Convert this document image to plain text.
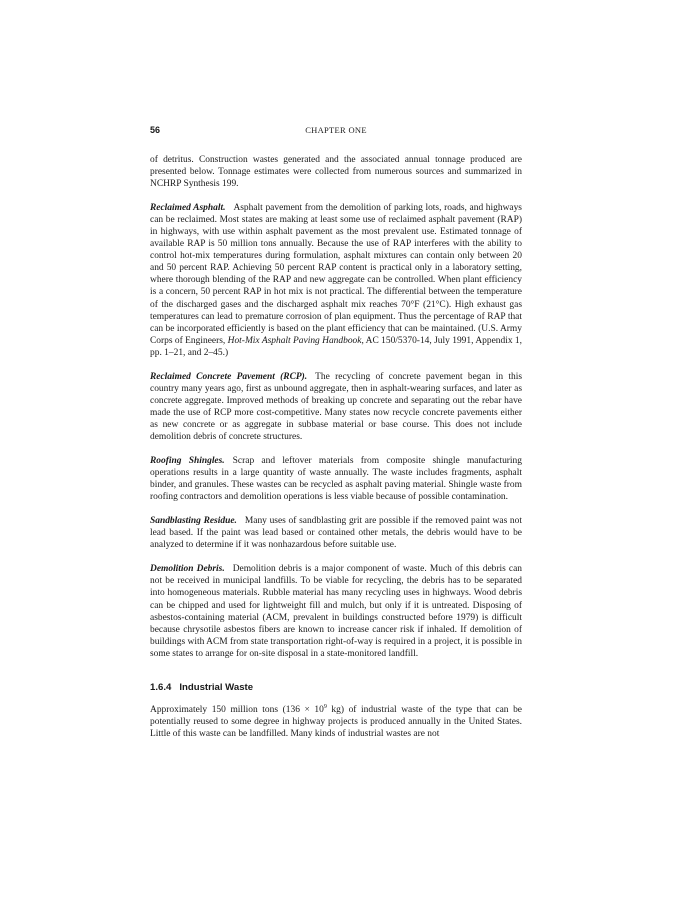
56	CHAPTER ONE

of detritus. Construction wastes generated and the associated annual tonnage produced are presented below. Tonnage estimates were collected from numerous sources and summarized in NCHRP Synthesis 199.

Reclaimed Asphalt. Asphalt pavement from the demolition of parking lots, roads, and highways can be reclaimed. Most states are making at least some use of reclaimed asphalt pavement (RAP) in highways, with use within asphalt pavement as the most prevalent use. Estimated tonnage of available RAP is 50 million tons annually. Because the use of RAP interferes with the ability to control hot-mix temperatures during formulation, asphalt mixtures can contain only between 20 and 50 percent RAP. Achieving 50 percent RAP content is practical only in a laboratory setting, where thorough blending of the RAP and new aggregate can be controlled. When plant efficiency is a concern, 50 percent RAP in hot mix is not practical. The differential between the temperature of the discharged gases and the discharged asphalt mix reaches 70°F (21°C). High exhaust gas temperatures can lead to premature corrosion of plan equipment. Thus the percentage of RAP that can be incorporated efficiently is based on the plant efficiency that can be maintained. (U.S. Army Corps of Engineers, Hot-Mix Asphalt Paving Handbook, AC 150/5370-14, July 1991, Appendix 1, pp. 1–21, and 2–45.)

Reclaimed Concrete Pavement (RCP). The recycling of concrete pavement began in this country many years ago, first as unbound aggregate, then in asphalt-wearing surfaces, and later as concrete aggregate. Improved methods of breaking up concrete and separating out the rebar have made the use of RCP more cost-competitive. Many states now recycle concrete pavements either as new concrete or as aggregate in subbase material or base course. This does not include demolition debris of concrete structures.

Roofing Shingles. Scrap and leftover materials from composite shingle manufacturing operations results in a large quantity of waste annually. The waste includes fragments, asphalt binder, and granules. These wastes can be recycled as asphalt paving material. Shingle waste from roofing contractors and demolition operations is less viable because of possible contamination.

Sandblasting Residue. Many uses of sandblasting grit are possible if the removed paint was not lead based. If the paint was lead based or contained other metals, the debris would have to be analyzed to determine if it was nonhazardous before suitable use.

Demolition Debris. Demolition debris is a major component of waste. Much of this debris can not be received in municipal landfills. To be viable for recycling, the debris has to be separated into homogeneous materials. Rubble material has many recycling uses in highways. Wood debris can be chipped and used for lightweight fill and mulch, but only if it is untreated. Disposing of asbestos-containing material (ACM, prevalent in buildings constructed before 1979) is difficult because chrysotile asbestos fibers are known to increase cancer risk if inhaled. If demolition of buildings with ACM from state transportation right-of-way is required in a project, it is possible in some states to arrange for on-site disposal in a state-monitored landfill.

1.6.4 Industrial Waste

Approximately 150 million tons ($136 \times 10^9$ kg) of industrial waste of the type that can be potentially reused to some degree in highway projects is produced annually in the United States. Little of this waste can be landfilled. Many kinds of industrial wastes are not
